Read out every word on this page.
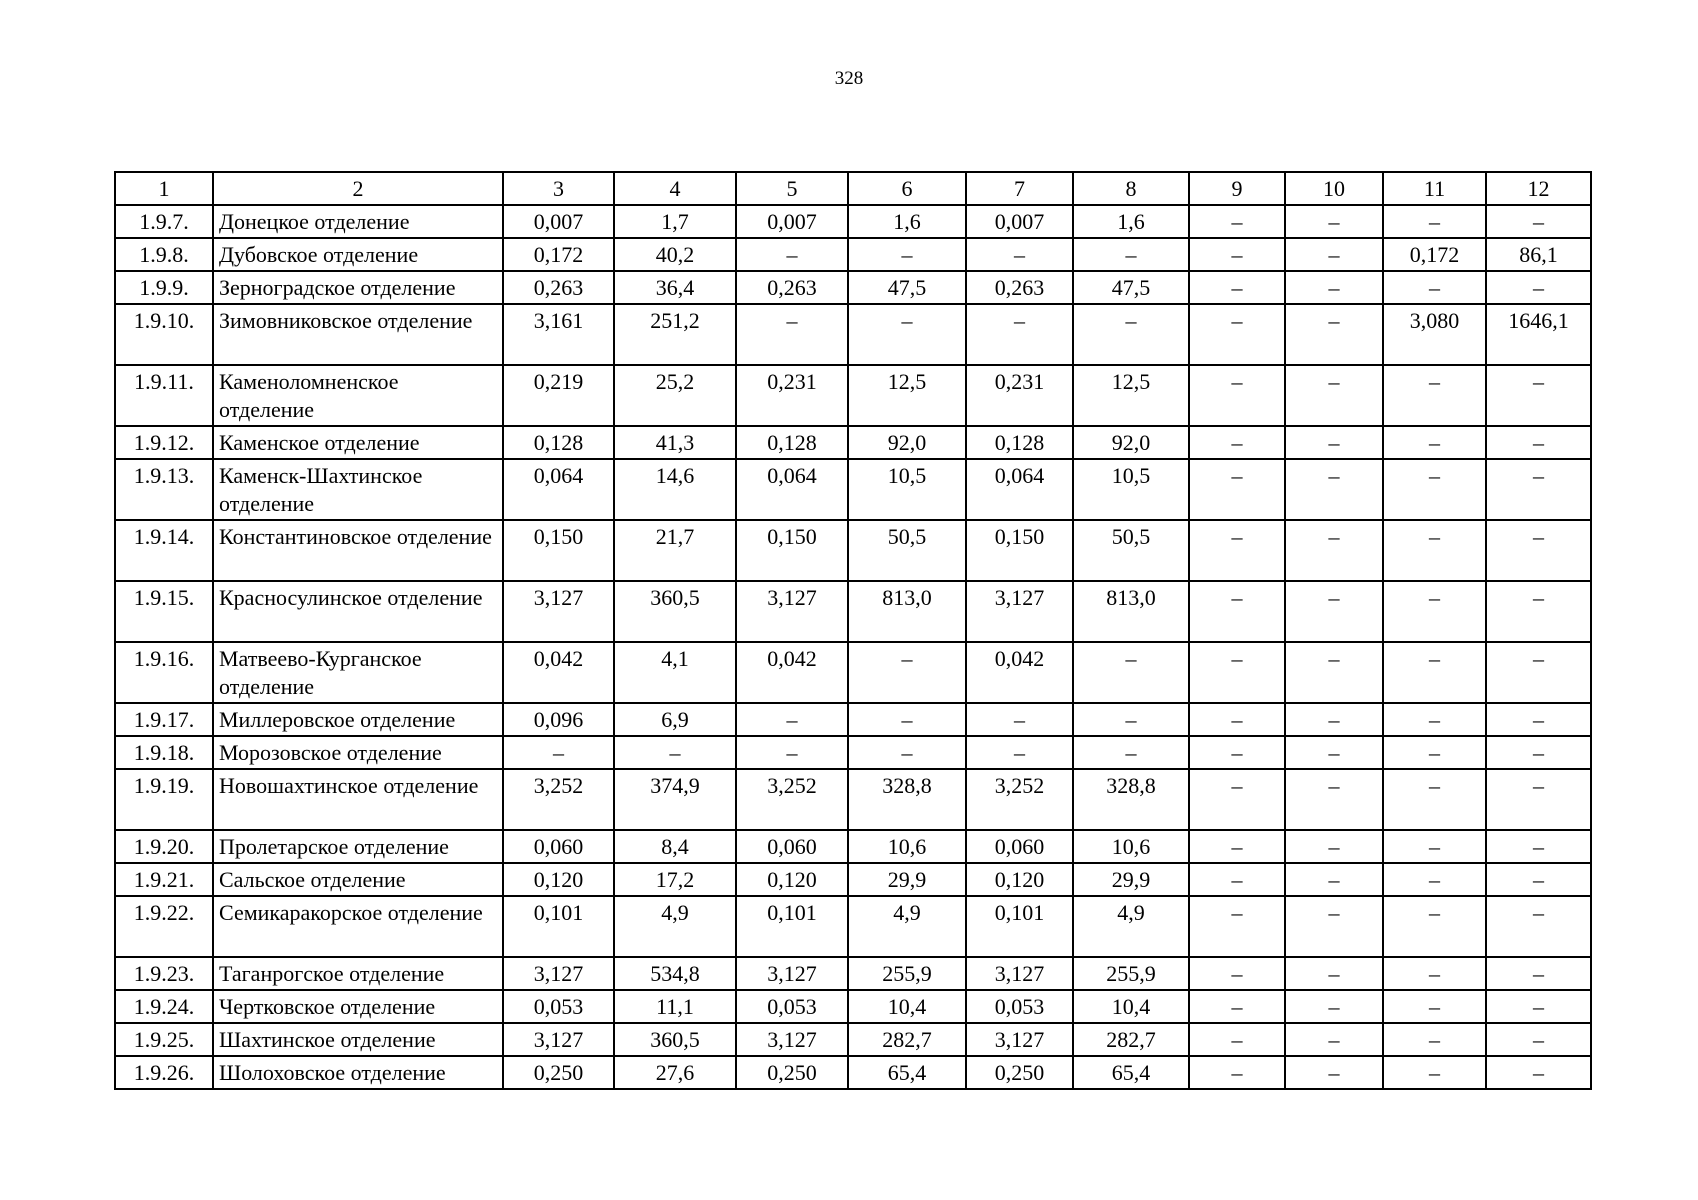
328
1	2	3	4	5	6	7	8	9	10	11	12
1.9.7.	Донецкое отделение	0,007	1,7	0,007	1,6	0,007	1,6	–	–	–	–
1.9.8.	Дубовское отделение	0,172	40,2	–	–	–	–	–	–	0,172	86,1
1.9.9.	Зерноградское отделение	0,263	36,4	0,263	47,5	0,263	47,5	–	–	–	–
1.9.10.	Зимовниковское отделение	3,161	251,2	–	–	–	–	–	–	3,080	1646,1
1.9.11.	Каменоломненское отделение	0,219	25,2	0,231	12,5	0,231	12,5	–	–	–	–
1.9.12.	Каменское отделение	0,128	41,3	0,128	92,0	0,128	92,0	–	–	–	–
1.9.13.	Каменск-Шахтинское отделение	0,064	14,6	0,064	10,5	0,064	10,5	–	–	–	–
1.9.14.	Константиновское отделение	0,150	21,7	0,150	50,5	0,150	50,5	–	–	–	–
1.9.15.	Красносулинское отделение	3,127	360,5	3,127	813,0	3,127	813,0	–	–	–	–
1.9.16.	Матвеево-Курганское отделение	0,042	4,1	0,042	–	0,042	–	–	–	–	–
1.9.17.	Миллеровское отделение	0,096	6,9	–	–	–	–	–	–	–	–
1.9.18.	Морозовское отделение	–	–	–	–	–	–	–	–	–	–
1.9.19.	Новошахтинское отделение	3,252	374,9	3,252	328,8	3,252	328,8	–	–	–	–
1.9.20.	Пролетарское отделение	0,060	8,4	0,060	10,6	0,060	10,6	–	–	–	–
1.9.21.	Сальское отделение	0,120	17,2	0,120	29,9	0,120	29,9	–	–	–	–
1.9.22.	Семикаракорское отделение	0,101	4,9	0,101	4,9	0,101	4,9	–	–	–	–
1.9.23.	Таганрогское отделение	3,127	534,8	3,127	255,9	3,127	255,9	–	–	–	–
1.9.24.	Чертковское отделение	0,053	11,1	0,053	10,4	0,053	10,4	–	–	–	–
1.9.25.	Шахтинское отделение	3,127	360,5	3,127	282,7	3,127	282,7	–	–	–	–
1.9.26.	Шолоховское отделение	0,250	27,6	0,250	65,4	0,250	65,4	–	–	–	–
